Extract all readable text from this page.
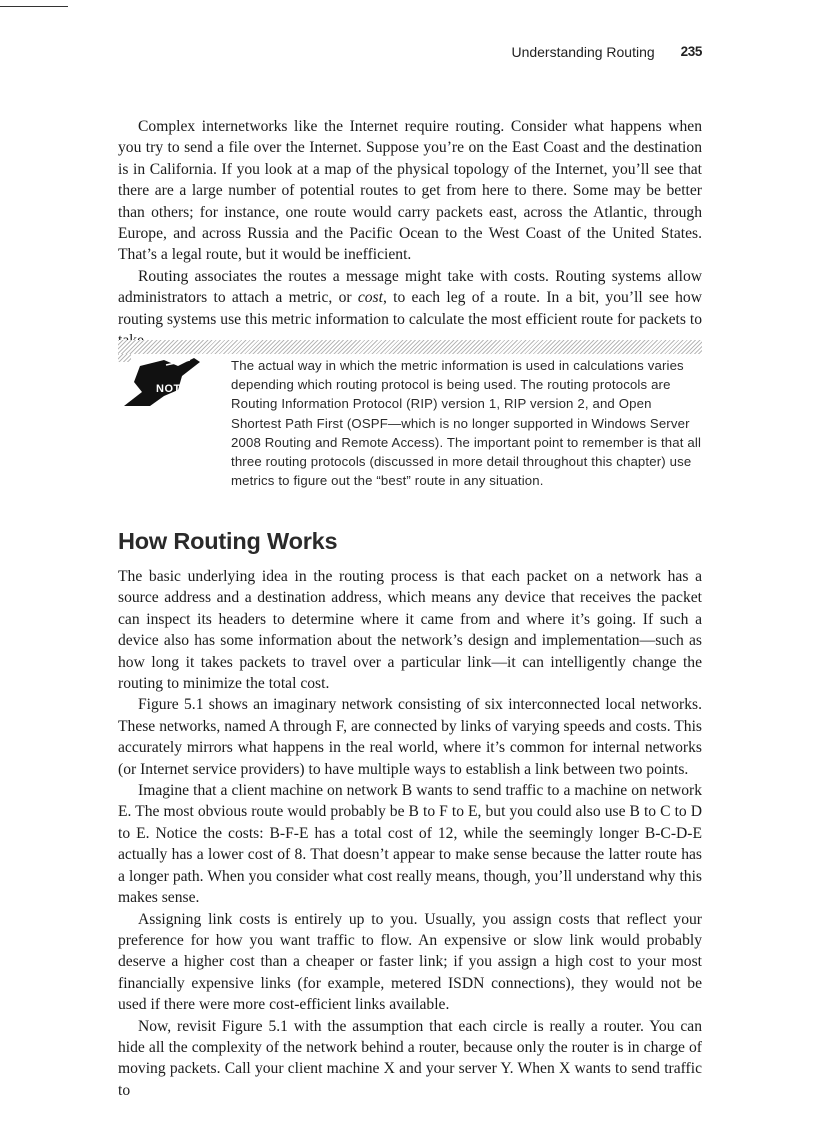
Understanding Routing 235

Complex internetworks like the Internet require routing. Consider what happens when you try to send a file over the Internet. Suppose you’re on the East Coast and the destination is in California. If you look at a map of the physical topology of the Internet, you’ll see that there are a large number of potential routes to get from here to there. Some may be better than others; for instance, one route would carry packets east, across the Atlantic, through Europe, and across Russia and the Pacific Ocean to the West Coast of the United States. That’s a legal route, but it would be inefficient.

Routing associates the routes a message might take with costs. Routing systems allow administrators to attach a metric, or cost, to each leg of a route. In a bit, you’ll see how routing systems use this metric information to calculate the most efficient route for packets to

NOTE

The actual way in which the metric information is used in calculations varies depending which routing protocol is being used. The routing protocols are Routing Information Protocol (RIP) version 1, RIP version 2, and Open Shortest Path First (OSPF—which is no longer supported in Windows Server 2008 Routing and Remote Access). The important point to remember is that all three routing protocols (discussed in more detail throughout this chapter) use metrics to figure out the “best” route in any situation.

How Routing Works

The basic underlying idea in the routing process is that each packet on a network has a source address and a destination address, which means any device that receives the packet can inspect its headers to determine where it came from and where it’s going. If such a device also has some information about the network’s design and implementation—such as how long it takes packets to travel over a particular link—it can intelligently change the routing to minimize the total cost.

Figure 5.1 shows an imaginary network consisting of six interconnected local networks. These networks, named A through F, are connected by links of varying speeds and costs. This accurately mirrors what happens in the real world, where it’s common for internal networks (or Internet service providers) to have multiple ways to establish a link between two points.

Imagine that a client machine on network B wants to send traffic to a machine on network E. The most obvious route would probably be B to F to E, but you could also use B to C to D to E. Notice the costs: B-F-E has a total cost of 12, while the seemingly longer B-C-D-E actually has a lower cost of 8. That doesn’t appear to make sense because the latter route has a longer path. When you consider what cost really means, though, you’ll understand why this makes sense.

Assigning link costs is entirely up to you. Usually, you assign costs that reflect your preference for how you want traffic to flow. An expensive or slow link would probably deserve a higher cost than a cheaper or faster link; if you assign a high cost to your most financially expensive links (for example, metered ISDN connections), they would not be used if there were more cost-efficient links available.

Now, revisit Figure 5.1 with the assumption that each circle is really a router. You can hide all the complexity of the network behind a router, because only the router is in charge of moving packets. Call your client machine X and your server Y. When X wants to send traffic to
